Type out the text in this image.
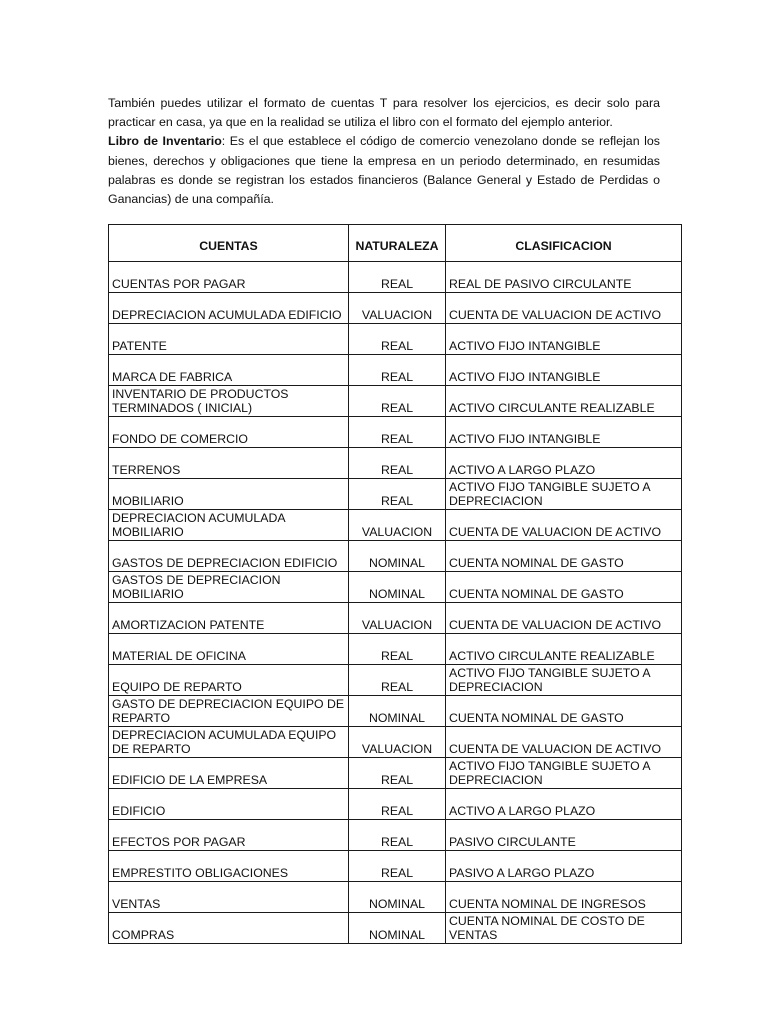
También puedes utilizar el formato de cuentas T para resolver los ejercicios, es decir solo para practicar en casa, ya que en la realidad se utiliza el libro con el formato del ejemplo anterior.

Libro de Inventario: Es el que establece el código de comercio venezolano donde se reflejan los bienes, derechos y obligaciones que tiene la empresa en un periodo determinado, en resumidas palabras es donde se registran los estados financieros (Balance General y Estado de Perdidas o Ganancias) de una compañía.

CUENTAS	NATURALEZA	CLASIFICACION
CUENTAS POR PAGAR	REAL	REAL DE PASIVO CIRCULANTE
DEPRECIACION ACUMULADA EDIFICIO	VALUACION	CUENTA DE VALUACION DE ACTIVO
PATENTE	REAL	ACTIVO FIJO INTANGIBLE
MARCA DE FABRICA	REAL	ACTIVO FIJO INTANGIBLE
INVENTARIO DE PRODUCTOS TERMINADOS ( INICIAL)	REAL	ACTIVO CIRCULANTE REALIZABLE
FONDO DE COMERCIO	REAL	ACTIVO FIJO INTANGIBLE
TERRENOS	REAL	ACTIVO A LARGO PLAZO
MOBILIARIO	REAL	ACTIVO FIJO TANGIBLE SUJETO A DEPRECIACION
DEPRECIACION ACUMULADA MOBILIARIO	VALUACION	CUENTA DE VALUACION DE ACTIVO
GASTOS DE DEPRECIACION EDIFICIO	NOMINAL	CUENTA NOMINAL DE GASTO
GASTOS DE DEPRECIACION MOBILIARIO	NOMINAL	CUENTA NOMINAL DE GASTO
AMORTIZACION PATENTE	VALUACION	CUENTA DE VALUACION DE ACTIVO
MATERIAL DE OFICINA	REAL	ACTIVO CIRCULANTE REALIZABLE
EQUIPO DE REPARTO	REAL	ACTIVO FIJO TANGIBLE SUJETO A DEPRECIACION
GASTO DE DEPRECIACION EQUIPO DE REPARTO	NOMINAL	CUENTA NOMINAL DE GASTO
DEPRECIACION ACUMULADA EQUIPO DE REPARTO	VALUACION	CUENTA DE VALUACION DE ACTIVO
EDIFICIO DE LA EMPRESA	REAL	ACTIVO FIJO TANGIBLE SUJETO A DEPRECIACION
EDIFICIO	REAL	ACTIVO A LARGO PLAZO
EFECTOS POR PAGAR	REAL	PASIVO CIRCULANTE
EMPRESTITO OBLIGACIONES	REAL	PASIVO A LARGO PLAZO
VENTAS	NOMINAL	CUENTA NOMINAL DE INGRESOS
COMPRAS	NOMINAL	CUENTA NOMINAL DE COSTO DE VENTAS
